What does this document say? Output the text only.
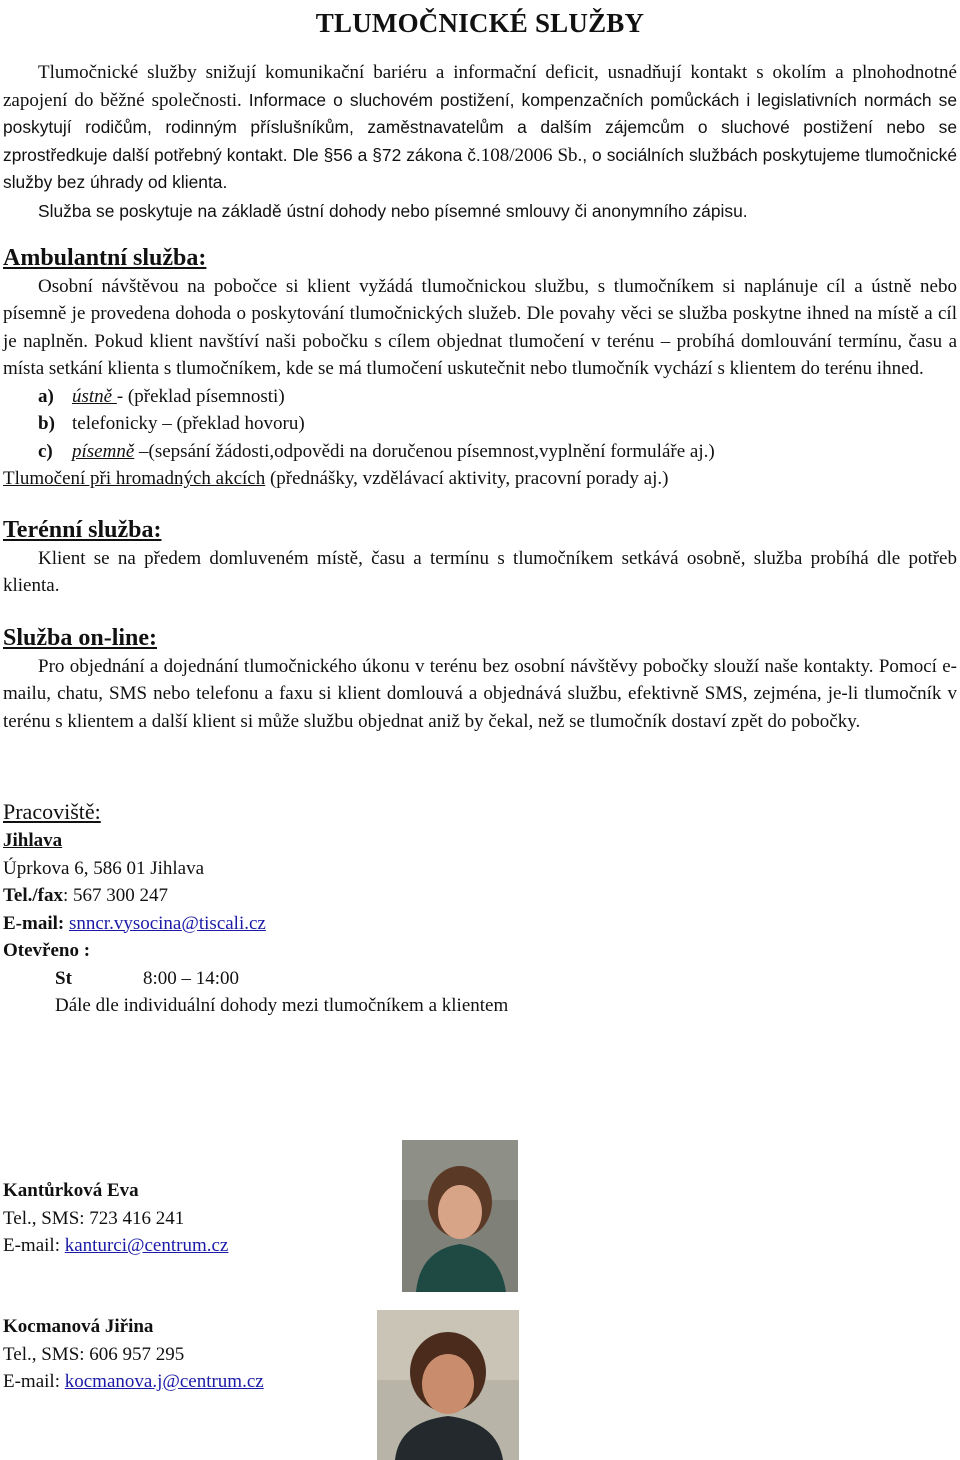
TLUMOČNICKÉ SLUŽBY

Tlumočnické služby snižují komunikační bariéru a informační deficit, usnadňují kontakt s okolím a plnohodnotné zapojení do běžné společnosti. Informace o sluchovém postižení, kompenzačních pomůckách i legislativních normách se poskytují rodičům, rodinným příslušníkům, zaměstnavatelům a dalším zájemcům o sluchové postižení nebo se zprostředkuje další potřebný kontakt. Dle §56 a §72 zákona č.108/2006 Sb., o sociálních službách poskytujeme tlumočnické služby bez úhrady od klienta.

Služba se poskytuje na základě ústní dohody nebo písemné smlouvy či anonymního zápisu.

Ambulantní služba:

Osobní návštěvou na pobočce si klient vyžádá tlumočnickou službu, s tlumočníkem si naplánuje cíl a ústně nebo písemně je provedena dohoda o poskytování tlumočnických služeb. Dle povahy věci se služba poskytne ihned na místě a cíl je naplněn. Pokud klient navštíví naši pobočku s cílem objednat tlumočení v terénu – probíhá domlouvání termínu, času a místa setkání klienta s tlumočníkem, kde se má tlumočení uskutečnit nebo tlumočník vychází s klientem do terénu ihned.

a) ústně - (překlad písemnosti)

b) telefonicky – (překlad hovoru)

c) písemně –(sepsání žádosti,odpovědi na doručenou písemnost,vyplnění formuláře aj.)

Tlumočení při hromadných akcích (přednášky, vzdělávací aktivity, pracovní porady aj.)

Terénní služba:

Klient se na předem domluveném místě, času a termínu s tlumočníkem setkává osobně, služba probíhá dle potřeb klienta.

Služba on-line:

Pro objednání a dojednání tlumočnického úkonu v terénu bez osobní návštěvy pobočky slouží naše kontakty. Pomocí e-mailu, chatu, SMS nebo telefonu a faxu si klient domlouvá a objednává službu, efektivně SMS, zejména, je-li tlumočník v terénu s klientem a další klient si může službu objednat aniž by čekal, než se tlumočník dostaví zpět do pobočky.

Pracoviště:
Jihlava
Úprkova 6, 586 01 Jihlava
Tel./fax: 567 300 247
E-mail: snncr.vysocina@tiscali.cz
Otevřeno :
St	8:00 – 14:00
Dále dle individuální dohody mezi tlumočníkem a klientem
Kantůrková Eva
Tel., SMS: 723 416 241
E-mail: kanturci@centrum.cz
Kocmanová Jiřina
Tel., SMS: 606 957 295
E-mail: kocmanova.j@centrum.cz
